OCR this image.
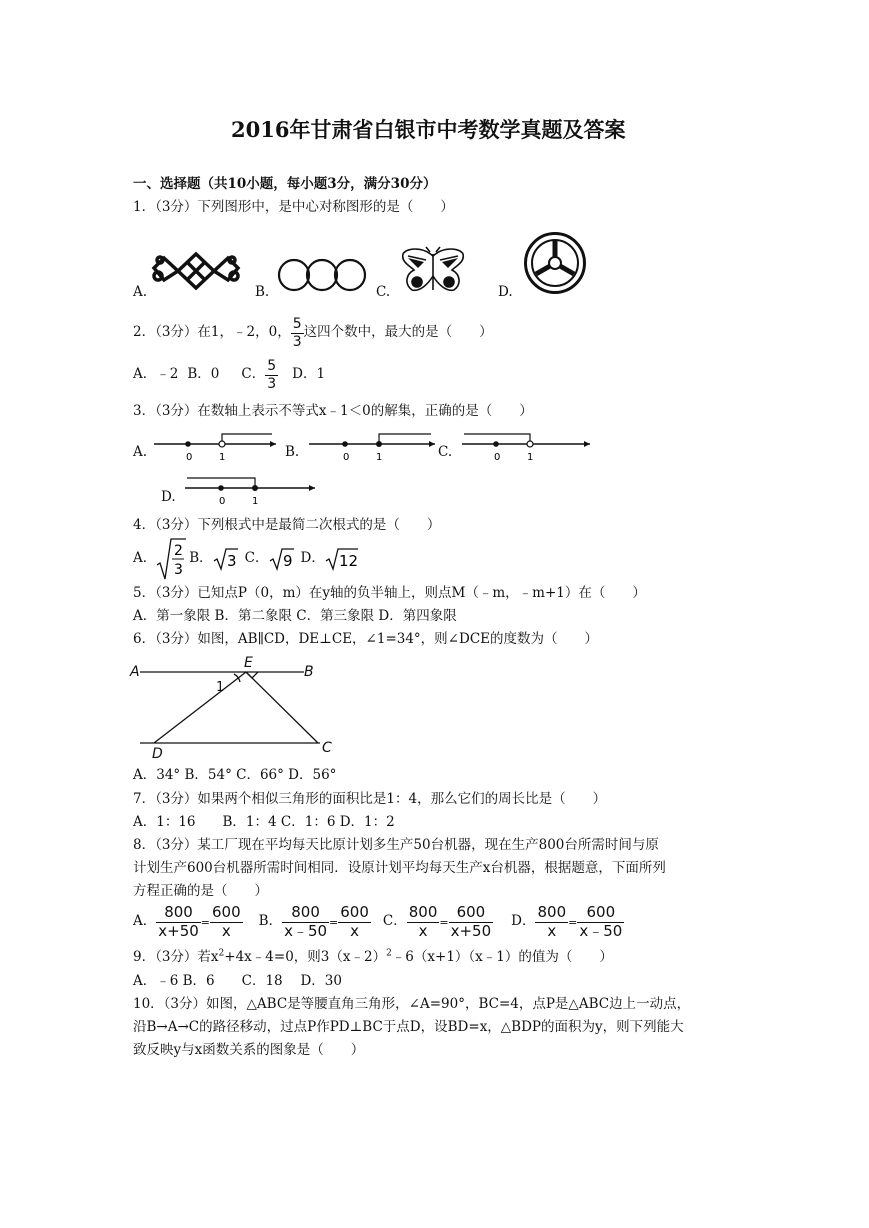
2016年甘肃省白银市中考数学真题及答案
一、选择题（共10小题，每小题3分，满分30分）
1．（3分）下列图形中，是中心对称图形的是（　　）
A.	B.	C.	D.
2．（3分）在1，﹣2，0， $\frac{5}{3}$ 这四个数中，最大的是（　　）
A．﹣2 B．0 C． $\frac{5}{3}$ D．1
3．（3分）在数轴上表示不等式x﹣1＜0的解集，正确的是（　　）
A.	B.	C.
D.
0	1	0	1	0	1
0	1
4．（3分）下列根式中是最简二次根式的是（　　）
A． 2
3
B． 3 C． 9 D． 12
5．（3分）已知点P（0，m）在y轴的负半轴上，则点M（﹣m，﹣m+1）在（　　）
A．第一象限 B．第二象限 C．第三象限 D．第四象限
6．（3分）如图，AB∥CD，DE⊥CE，∠1=34°，则∠DCE的度数为（　　）
A
E
B
D	C
1
A．34° B．54° C．66° D．56°
7．（3分）如果两个相似三角形的面积比是1：4，那么它们的周长比是（　　）
A．1：16　　B．1：4 C．1：6 D．1：2
8．（3分）某工厂现在平均每天比原计划多生产50台机器，现在生产800台所需时间与原
计划生产600台机器所需时间相同．设原计划平均每天生产x台机器，根据题意，下面所列
方程正确的是（　　）
A． $\frac{800}{x+50} = \frac{600}{x}$ B． $\frac{800}{x﹣50} = \frac{600}{x}$ C． $\frac{800}{x} = \frac{600}{x+50}$ D． $\frac{800}{x} = \frac{600}{x﹣50}$
9．（3分）若$x^2+4x﹣4=0$，则3（x﹣2）$^2$﹣6（x+1）（x﹣1）的值为（　　）
A．﹣6 B．6　　C．18　 D．30
10．（3分）如图，△ABC是等腰直角三角形，∠A=90°，BC=4，点P是△ABC边上一动点，
沿B→A→C的路径移动，过点P作PD⊥BC于点D，设BD=x，△BDP的面积为y，则下列能大
致反映y与x函数关系的图象是（　　）
